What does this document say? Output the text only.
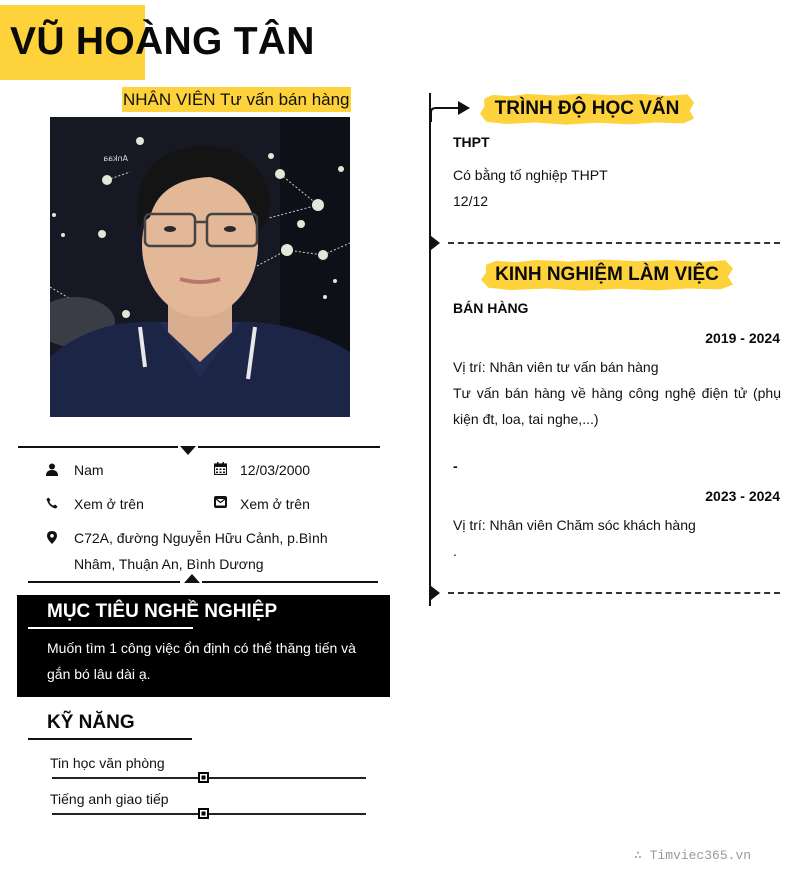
VŨ HOÀNG TÂN
NHÂN VIÊN Tư vấn bán hàng
Ankaa
Nam	12/03/2000
Xem ở trên	Xem ở trên
C72A, đường Nguyễn Hữu Cảnh, p.Bình
Nhâm, Thuận An, Bình Dương
MỤC TIÊU NGHỀ NGHIỆP
Muốn tìm 1 công việc ổn định có thể thăng tiến và
gắn bó lâu dài ạ.
KỸ NĂNG
Tin học văn phòng
Tiếng anh giao tiếp
TRÌNH ĐỘ HỌC VẤN
THPT
Có bằng tố nghiệp THPT
12/12
KINH NGHIỆM LÀM VIỆC
BÁN HÀNG
2019 - 2024
Vị trí: Nhân viên tư vấn bán hàng
Tư vấn bán hàng về hàng công nghệ điện tử (phụ
kiện đt, loa, tai nghe,...)
-
2023 - 2024
Vị trí: Nhân viên Chăm sóc khách hàng
.
∴ Timviec365.vn
